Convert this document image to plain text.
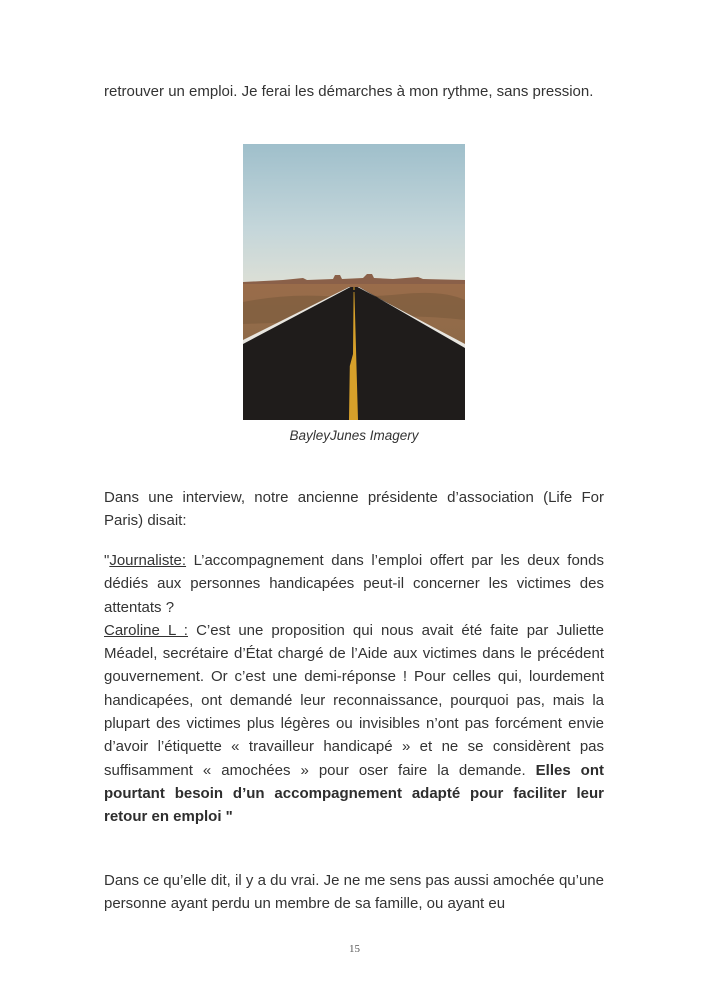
retrouver un emploi. Je ferai les démarches à mon rythme, sans pression.

BayleyJunes Imagery

Dans une interview, notre ancienne présidente d’association (Life For Paris) disait:

"Journaliste: L’accompagnement dans l’emploi offert par les deux fonds dédiés aux personnes handicapées peut-il concerner les victimes des attentats ?
Caroline L : C’est une proposition qui nous avait été faite par Juliette Méadel, secrétaire d’État chargé de l’Aide aux victimes dans le précédent gouvernement. Or c’est une demi-réponse ! Pour celles qui, lourdement handicapées, ont demandé leur reconnaissance, pourquoi pas, mais la plupart des victimes plus légères ou invisibles n’ont pas forcément envie d’avoir l’étiquette « travailleur handicapé » et ne se considèrent pas suffisamment « amochées » pour oser faire la demande. Elles ont pourtant besoin d’un accompagnement adapté pour faciliter leur retour en emploi "

Dans ce qu’elle dit, il y a du vrai. Je ne me sens pas aussi amochée qu’une personne ayant perdu un membre de sa famille, ou ayant eu

15
